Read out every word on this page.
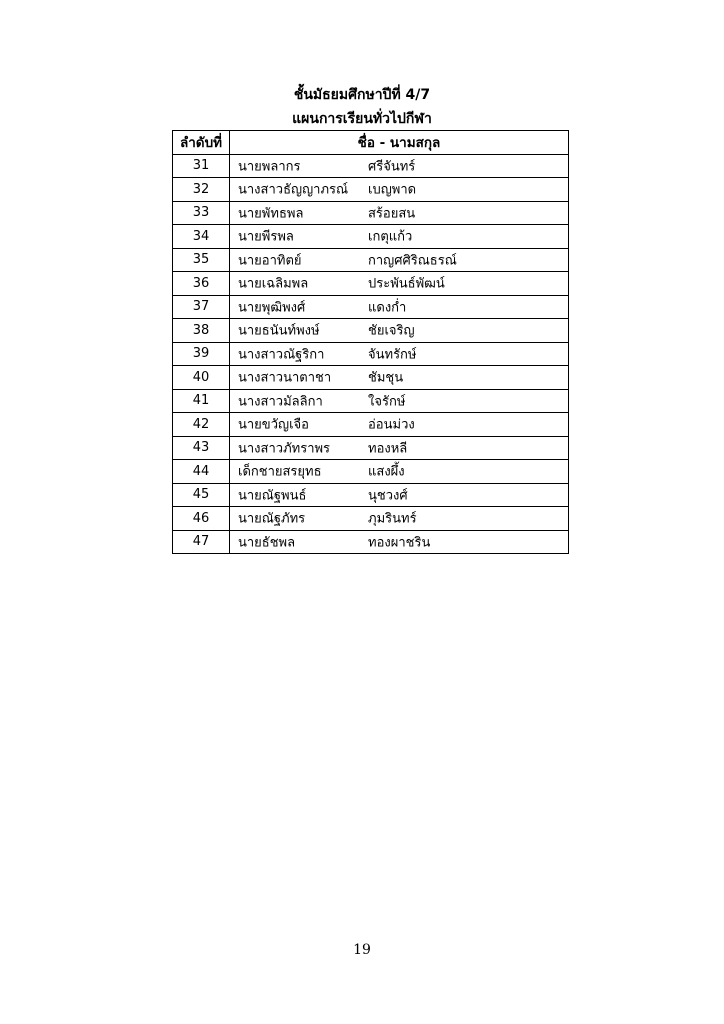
ชั้นมัธยมศึกษาปีที่ 4/7
แผนการเรียนทั่วไปกีฬา
ลำดับที่	ชื่อ - นามสกุล
31	นายพลากร ศรีจันทร์

32	นางสาวธัญญาภรณ์ เบญพาด

33	นายพัทธพล สร้อยสน

34	นายพีรพล เกตุแก้ว

35	นายอาทิตย์ กาญศศิริณธรณ์

36	นายเฉลิมพล ประพันธ์พัฒน์

37	นายพุฒิพงศ์ แดงก่ำ

38	นายธนันท์พงษ์ ชัยเจริญ

39	นางสาวณัฐริกา จันทรักษ์

40	นางสาวนาตาชา ชัมชุน

41	นางสาวมัลลิกา ใจรักษ์

42	นายขวัญเจือ อ่อนม่วง

43	นางสาวภัทราพร ทองหลี

44	เด็กชายสรยุทธ แสงผึ้ง

45	นายณัฐพนธ์ นุชวงศ์

46	นายณัฐภัทร ภุมรินทร์

47	นายธัชพล ทองผาชริน
19
